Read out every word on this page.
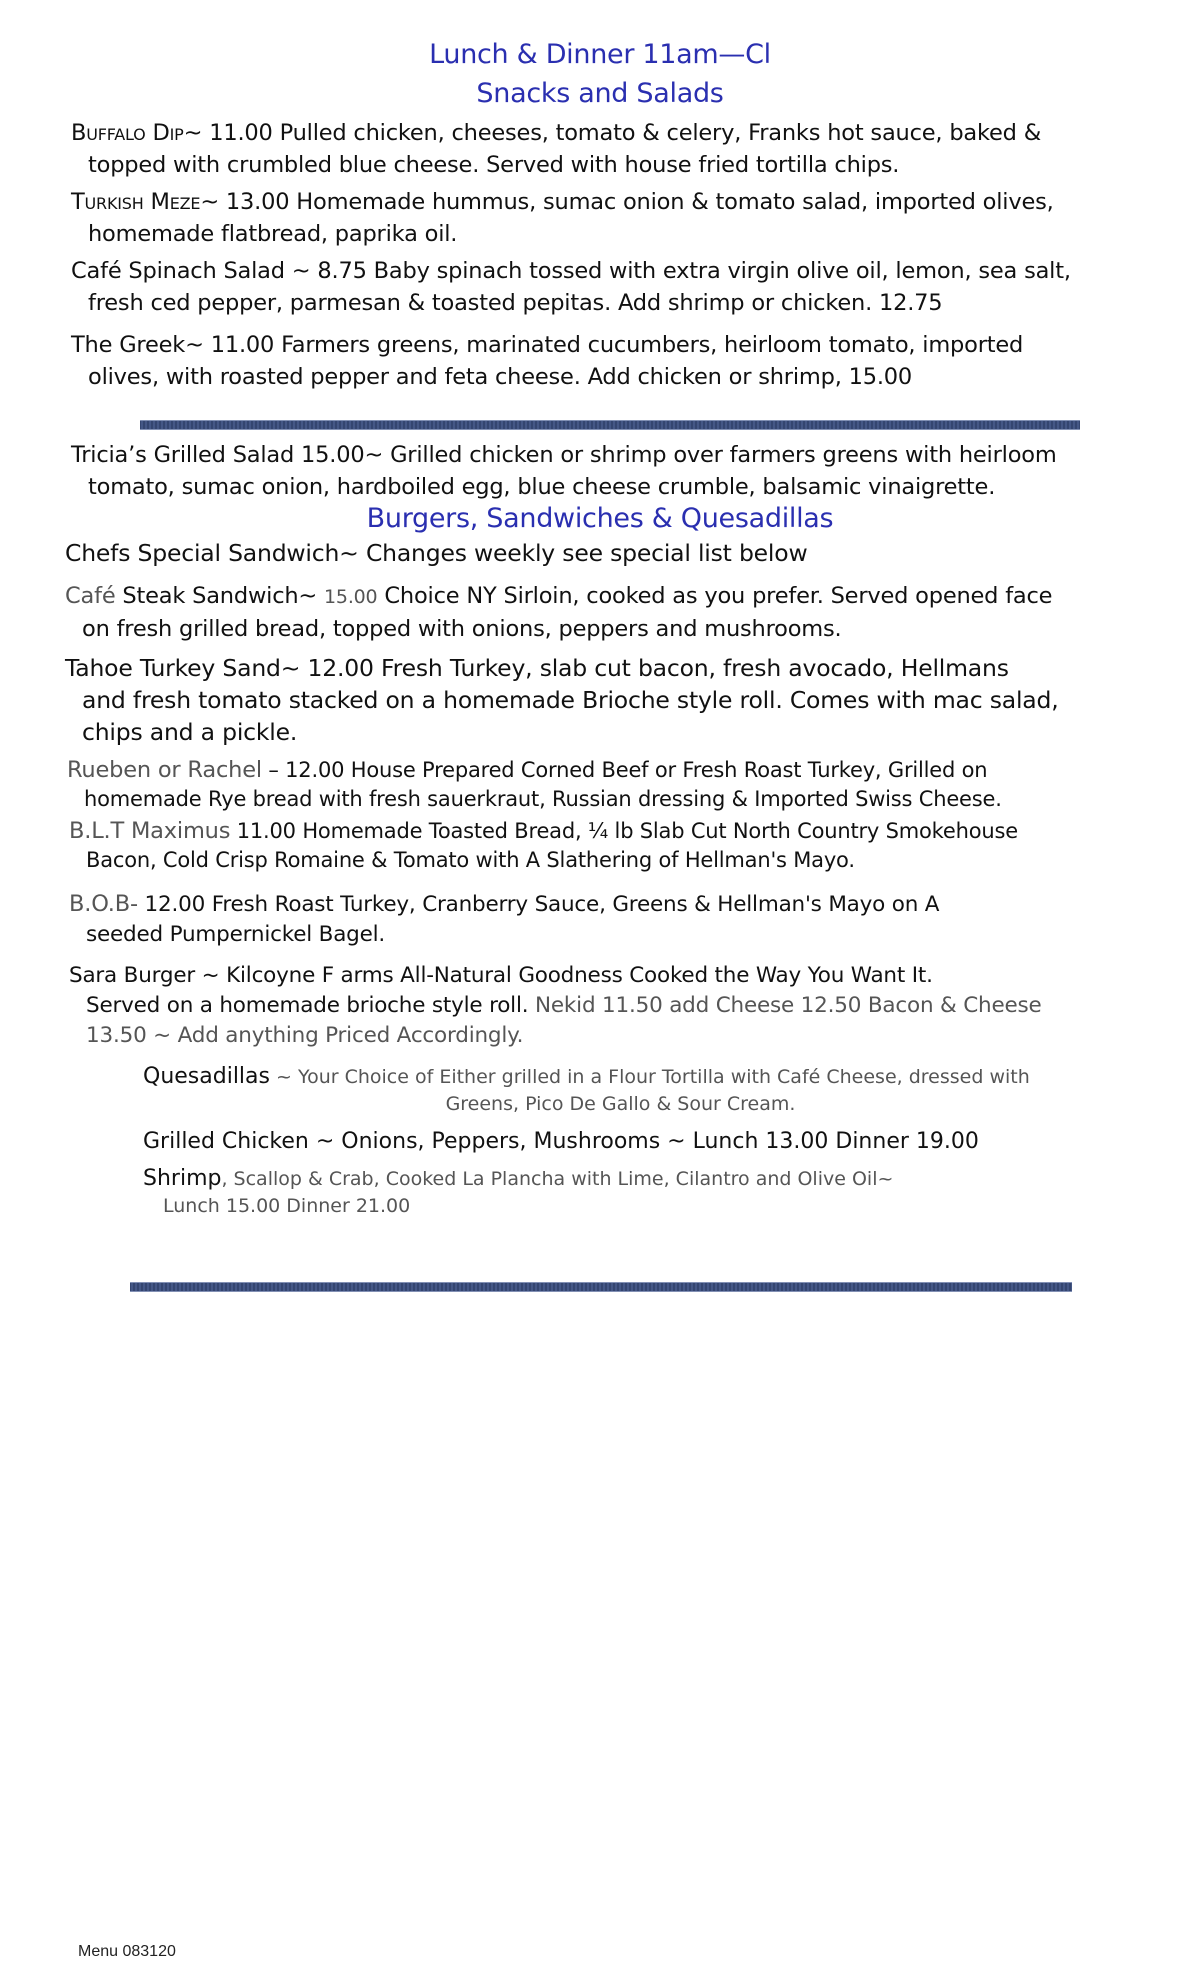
Lunch & Dinner 11am—Cl
Snacks and Salads
Buffalo Dip~ 11.00 Pulled chicken, cheeses, tomato & celery, Franks hot sauce, baked &
topped with crumbled blue cheese. Served with house fried tortilla chips.
Turkish Meze~ 13.00 Homemade hummus, sumac onion & tomato salad, imported olives,
homemade flatbread, paprika oil.
Café Spinach Salad ~ 8.75 Baby spinach tossed with extra virgin olive oil, lemon, sea salt,
fresh ced pepper, parmesan & toasted pepitas. Add shrimp or chicken. 12.75
The Greek~ 11.00 Farmers greens, marinated cucumbers, heirloom tomato, imported
olives, with roasted pepper and feta cheese. Add chicken or shrimp, 15.00
Tricia’s Grilled Salad 15.00~ Grilled chicken or shrimp over farmers greens with heirloom
tomato, sumac onion, hardboiled egg, blue cheese crumble, balsamic vinaigrette.
Burgers, Sandwiches & Quesadillas
Chefs Special Sandwich~ Changes weekly see special list below
Café Steak Sandwich~ 15.00 Choice NY Sirloin, cooked as you prefer. Served opened face
on fresh grilled bread, topped with onions, peppers and mushrooms.
Tahoe Turkey Sand~ 12.00 Fresh Turkey, slab cut bacon, fresh avocado, Hellmans
and fresh tomato stacked on a homemade Brioche style roll. Comes with mac salad,
chips and a pickle.
Rueben or Rachel – 12.00 House Prepared Corned Beef or Fresh Roast Turkey, Grilled on
homemade Rye bread with fresh sauerkraut, Russian dressing & Imported Swiss Cheese.
B.L.T Maximus 11.00 Homemade Toasted Bread, ¼ lb Slab Cut North Country Smokehouse
Bacon, Cold Crisp Romaine & Tomato with A Slathering of Hellman's Mayo.
B.O.B- 12.00 Fresh Roast Turkey, Cranberry Sauce, Greens & Hellman's Mayo on A
seeded Pumpernickel Bagel.
Sara Burger ~ Kilcoyne F arms All-Natural Goodness Cooked the Way You Want It.
Served on a homemade brioche style roll. Nekid 11.50 add Cheese 12.50 Bacon & Cheese
13.50 ~ Add anything Priced Accordingly.
Quesadillas ~ Your Choice of Either grilled in a Flour Tortilla with Café Cheese, dressed with
Greens, Pico De Gallo & Sour Cream.
Grilled Chicken ~ Onions, Peppers, Mushrooms ~ Lunch 13.00 Dinner 19.00
Shrimp, Scallop & Crab, Cooked La Plancha with Lime, Cilantro and Olive Oil~
Lunch 15.00 Dinner 21.00
Menu 083120
